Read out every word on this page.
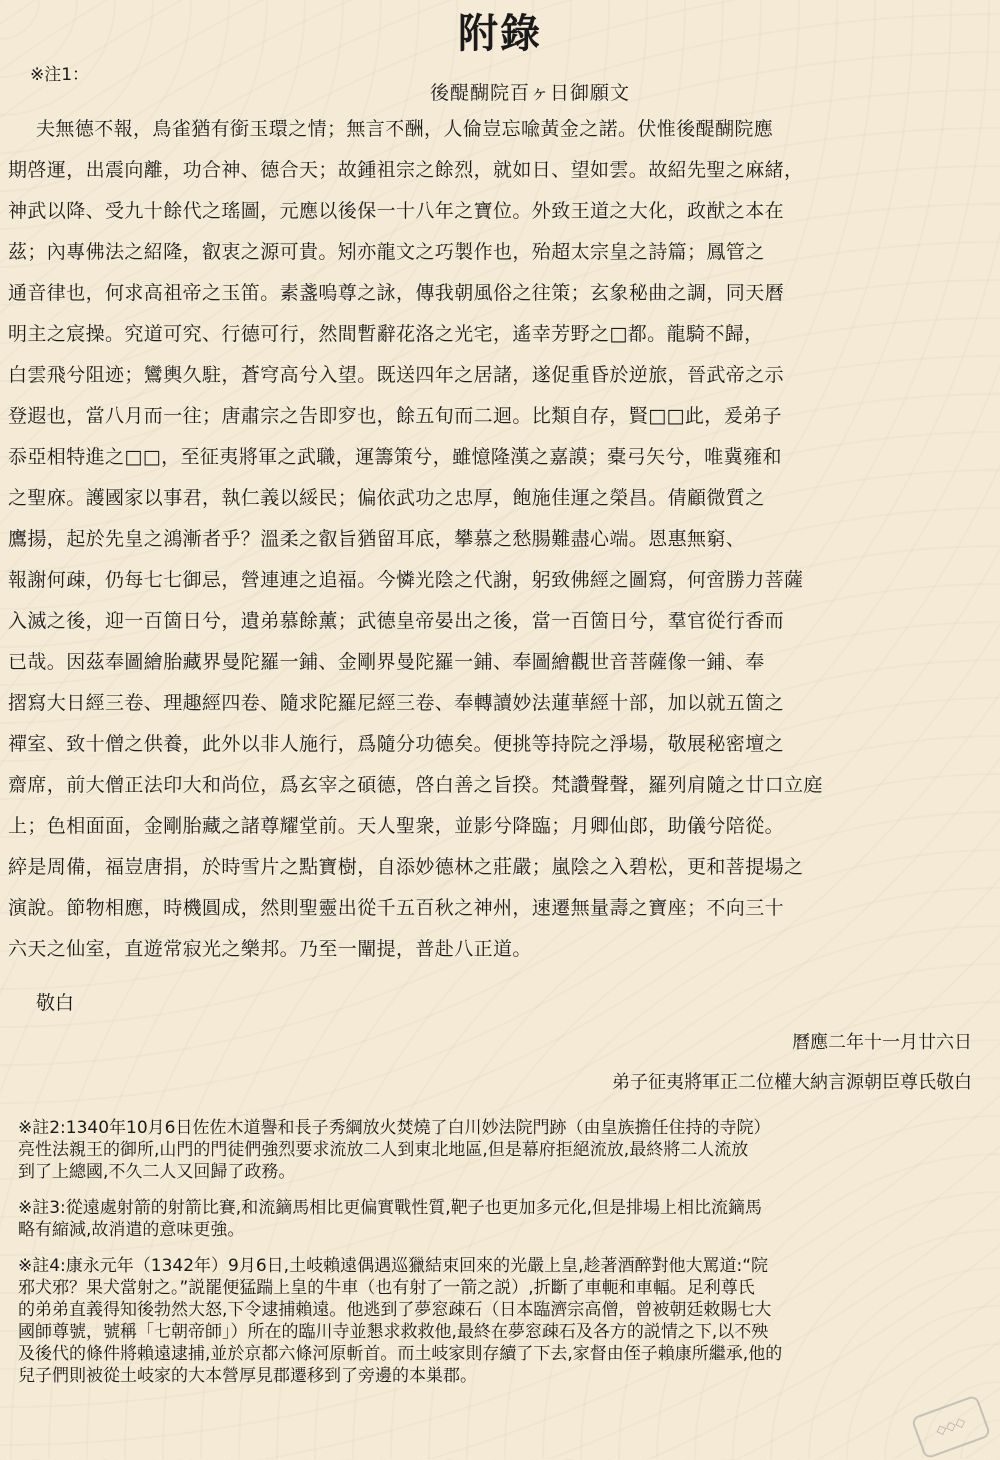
附錄
※注1：
後醍醐院百ヶ日御願文
夫無德不報，鳥雀猶有銜玉環之情；無言不酬，人倫豈忘喩黃金之諾。伏惟後醍醐院應
期啓運，出震向離，功合神、德合天；故鍾祖宗之餘烈，就如日、望如雲。故紹先聖之麻緒，
神武以降、受九十餘代之瑤圖，元應以後保一十八年之寶位。外致王道之大化，政猷之本在
茲；內專佛法之紹隆，叡衷之源可貴。矧亦龍文之巧製作也，殆超太宗皇之詩篇；鳳管之
通音律也，何求高祖帝之玉笛。素盞嗚尊之詠，傳我朝風俗之往策；玄象秘曲之調，同天曆
明主之宸操。究道可究、行德可行，然間暫辭花洛之光宅，遙幸芳野之□都。龍騎不歸，
白雲飛兮阻迹；鸞輿久駐，蒼穹高兮入望。既送四年之居諸，遂促重昏於逆旅，晉武帝之示
登遐也，當八月而一往；唐肅宗之告即穸也，餘五旬而二迴。比類自存，賢□□此，爰弟子
忝亞相特進之□□，至征夷將軍之武職，運籌策兮，雖憶隆漢之嘉謨；橐弓矢兮，唯冀雍和
之聖庥。護國家以事君，執仁義以綏民；偏依武功之忠厚，飽施佳運之榮昌。倩顧微質之
鷹揚，起於先皇之鴻漸者乎？溫柔之叡旨猶留耳底，攀慕之愁腸難盡心端。恩惠無窮、
報謝何疎，仍每七七御忌，營連連之追福。今憐光陰之代謝，躬致佛經之圖寫，何啻勝力菩薩
入滅之後，迎一百箇日兮，遺弟慕餘薰；武德皇帝晏出之後，當一百箇日兮，羣官從行香而
已哉。因茲奉圖繪胎藏界曼陀羅一鋪、金剛界曼陀羅一鋪、奉圖繪觀世音菩薩像一鋪、奉
摺寫大日經三卷、理趣經四卷、隨求陀羅尼經三卷、奉轉讀妙法蓮華經十部，加以就五箇之
禪室、致十僧之供養，此外以非人施行，爲隨分功德矣。便挑等持院之淨場，敬展秘密壇之
齋席，前大僧正法印大和尚位，爲玄宰之碩德，啓白善之旨揆。梵讚聲聲，羅列肩隨之廿口立庭
上；色相面面，金剛胎藏之諸尊耀堂前。天人聖衆，並影兮降臨；月卿仙郎，助儀兮陪從。
綷是周備，福豈唐捐，於時雪片之點寶樹，自添妙德林之莊嚴；嵐陰之入碧松，更和菩提場之
演說。節物相應，時機圓成，然則聖靈出從千五百秋之神州，速遷無量壽之寶座；不向三十
六天之仙室，直遊常寂光之樂邦。乃至一闡提，普赴八正道。
敬白
曆應二年十一月廿六日
弟子征夷將軍正二位權大納言源朝臣尊氏敬白
※註2:1340年10月6日佐佐木道譽和長子秀綱放火焚燒了白川妙法院門跡（由皇族擔任住持的寺院）
亮性法親王的御所,山門的門徒們強烈要求流放二人到東北地區,但是幕府拒絕流放,最終將二人流放
到了上總國,不久二人又回歸了政務。
※註3:從遠處射箭的射箭比賽,和流鏑馬相比更偏實戰性質,靶子也更加多元化,但是排場上相比流鏑馬
略有縮減,故消遣的意味更強。
※註4:康永元年（1342年）9月6日,土岐賴遠偶遇巡獵結束回來的光嚴上皇,趁著酒醉對他大罵道:“院
邪犬邪？果犬當射之。”説罷便猛踹上皇的牛車（也有射了一箭之説）,折斷了車軛和車輻。足利尊氏
的弟弟直義得知後勃然大怒,下令逮捕賴遠。他逃到了夢窓疎石（日本臨濟宗高僧，曾被朝廷敕賜七大
國師尊號，號稱「七朝帝師」）所在的臨川寺並懇求救救他,最終在夢窓疎石及各方的説情之下,以不殃
及後代的條件將賴遠逮捕,並於京都六條河原斬首。而土岐家則存續了下去,家督由侄子賴康所繼承,他的
兒子們則被從土岐家的大本營厚見郡遷移到了旁邊的本巣郡。
◇◇◇
